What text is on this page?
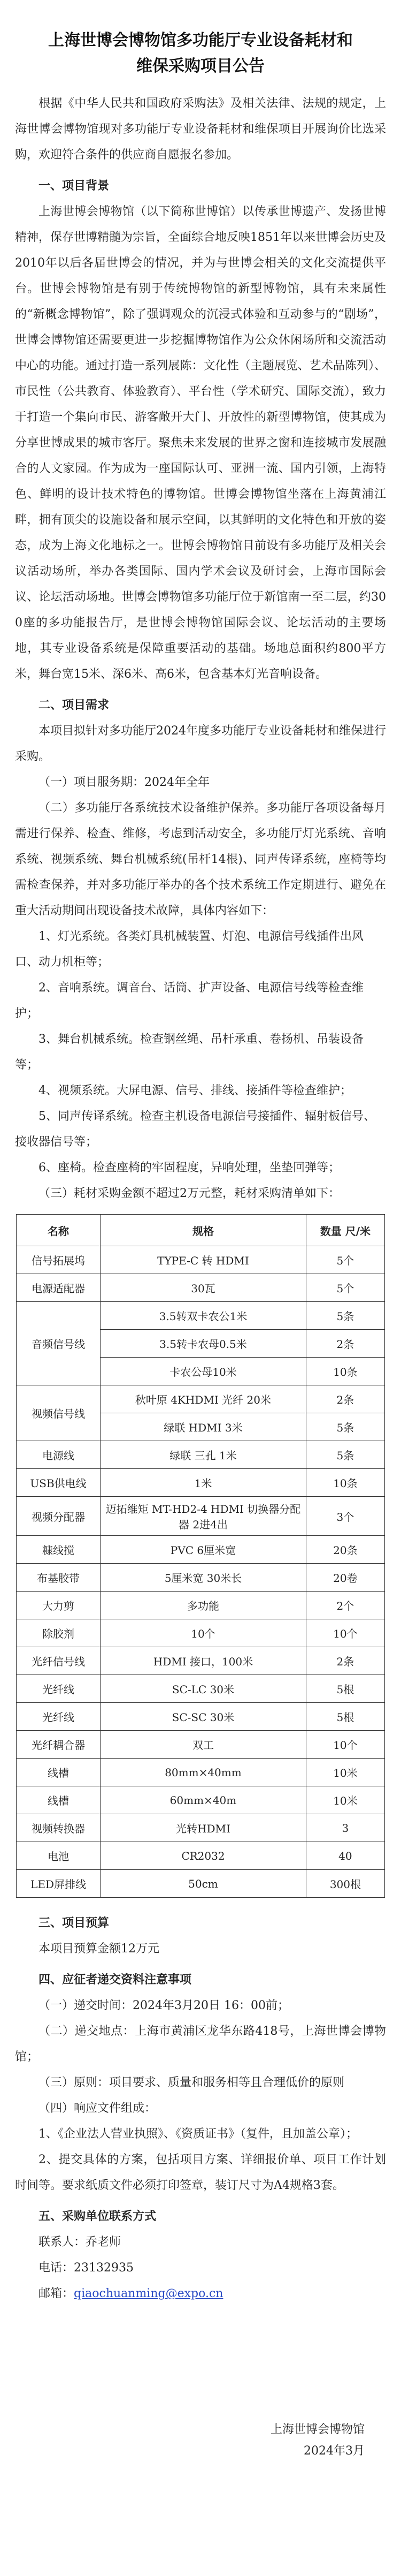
上海世博会博物馆多功能厅专业设备耗材和
维保采购项目公告

根据《中华人民共和国政府采购法》及相关法律、法规的规定，上海世博会博物馆现对多功能厅专业设备耗材和维保项目开展询价比选采购，欢迎符合条件的供应商自愿报名参加。

一、项目背景

上海世博会博物馆（以下简称世博馆）以传承世博遗产、发扬世博精神，保存世博精髓为宗旨，全面综合地反映1851年以来世博会历史及2010年以后各届世博会的情况，并为与世博会相关的文化交流提供平台。世博会博物馆是有别于传统博物馆的新型博物馆，具有未来属性的“新概念博物馆”，除了强调观众的沉浸式体验和互动参与的“剧场”，世博会博物馆还需要更进一步挖掘博物馆作为公众休闲场所和交流活动中心的功能。通过打造一系列展陈：文化性（主题展览、艺术品陈列）、市民性（公共教育、体验教育）、平台性（学术研究、国际交流），致力于打造一个集向市民、游客敞开大门、开放性的新型博物馆，使其成为分享世博成果的城市客厅。聚焦未来发展的世界之窗和连接城市发展融合的人文家园。作为成为一座国际认可、亚洲一流、国内引领，上海特色、鲜明的设计技术特色的博物馆。世博会博物馆坐落在上海黄浦江畔，拥有顶尖的设施设备和展示空间，以其鲜明的文化特色和开放的姿态，成为上海文化地标之一。世博会博物馆目前设有多功能厅及相关会议活动场所，举办各类国际、国内学术会议及研讨会，上海市国际会议、论坛活动场地。世博会博物馆多功能厅位于新馆南一至二层，约300座的多功能报告厅，是世博会博物馆国际会议、论坛活动的主要场地，其专业设备系统是保障重要活动的基础。场地总面积约800平方米，舞台宽15米、深6米、高6米，包含基本灯光音响设备。

二、项目需求

本项目拟针对多功能厅2024年度多功能厅专业设备耗材和维保进行采购。

（一）项目服务期：2024年全年

（二）多功能厅各系统技术设备维护保养。多功能厅各项设备每月需进行保养、检查、维修，考虑到活动安全，多功能厅灯光系统、音响系统、视频系统、舞台机械系统(吊杆14根)、同声传译系统，座椅等均需检查保养，并对多功能厅举办的各个技术系统工作定期进行、避免在重大活动期间出现设备技术故障，具体内容如下：

1、灯光系统。各类灯具机械装置、灯泡、电源信号线插件出风口、动力机柜等；

2、音响系统。调音台、话筒、扩声设备、电源信号线等检查维护；

3、舞台机械系统。检查钢丝绳、吊杆承重、卷扬机、吊装设备等；

4、视频系统。大屏电源、信号、排线、接插件等检查维护；

5、同声传译系统。检查主机设备电源信号接插件、辐射板信号、接收器信号等；

6、座椅。检查座椅的牢固程度，异响处理，坐垫回弹等；

（三）耗材采购金额不超过2万元整，耗材采购清单如下：

名称	规格	数量 尺/米
信号拓展坞	TYPE-C 转 HDMI	5个
电源适配器	30瓦	5个
音频信号线	3.5转双卡农公1米	5条
	3.5转卡农母0.5米	2条
	卡农公母10米	10条
视频信号线	秋叶原 4KHDMI 光纤 20米	2条
	绿联 HDMI 3米	5条
电源线	绿联 三孔 1米	5条
USB供电线	1米	10条
视频分配器	迈拓维矩 MT-HD2-4 HDMI 切换器分配器 2进4出	3个
糠线搅	PVC 6厘米宽	20条
布基胶带	5厘米宽 30米长	20卷
大力剪	多功能	2个
除胶剂	10个	10个
光纤信号线	HDMI 接口，100米	2条
光纤线	SC-LC 30米	5根
光纤线	SC-SC 30米	5根
光纤耦合器	双工	10个
线槽	80mm×40mm	10米
线槽	60mm×40m	10米
视频转换器	光转HDMI	3
电池	CR2032	40
LED屏排线	50cm	300根

三、项目预算

本项目预算金额12万元

四、应征者递交资料注意事项

（一）递交时间：2024年3月20日 16：00前；

（二）递交地点：上海市黄浦区龙华东路418号，上海世博会博物馆；

（三）原则：项目要求、质量和服务相等且合理低价的原则

（四）响应文件组成：

1、《企业法人营业执照》、《资质证书》（复件，且加盖公章）；

2、提交具体的方案，包括项目方案、详细报价单、项目工作计划时间等。要求纸质文件必须打印签章，装订尺寸为A4规格3套。

五、采购单位联系方式

联系人：乔老师

电话：23132935

邮箱：qiaochuanming@expo.cn

上海世博会博物馆

2024年3月
